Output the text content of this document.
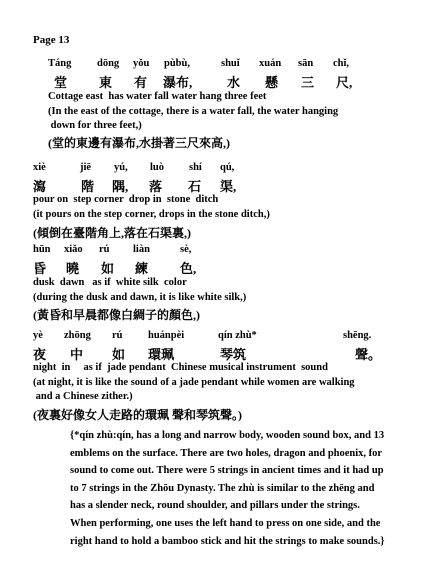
Page 13
Táng dōng yǒu pùbù,	shuǐ xuán sān chǐ,
堂 東 有 瀑布,	水 懸 三 尺,
Cottage east  has water fall water hang three feet
(In the east of the cottage, there is a water fall, the water hanging
down for three feet,)
(堂的東邊有瀑布,水掛著三尺來高,)
xiè	jiē yú, luò shí qú,
瀉	階 隅, 落 石 渠,
pour on  step corner  drop in  stone  ditch
(it pours on the step corner, drops in the stone ditch,)
(傾倒在臺階角上,落在石渠裏,)
hūn xiǎo rú liàn	sè,
昏 曉 如 練 色,
dusk  dawn   as if  white silk  color
(during the dusk and dawn, it is like white silk,)
(黃昏和早晨都像白綢子的顏色,)
yè zhōng rú huánpèi	qín zhù*	shēng.
夜 中 如 環珮	琴筑	聲。
night  in     as if  jade pendant  Chinese musical instrument  sound
(at night, it is like the sound of a jade pendant while women are walking
and a Chinese zither.)
(夜裏好像女人走路的環珮 聲和琴筑聲。)
{*qín zhù:qín, has a long and narrow body, wooden sound box, and 13 emblems on the surface. There are two holes, dragon and phoenix, for sound to come out. There were 5 strings in ancient times and it had up to 7 strings in the Zhōu Dynasty. The zhù is similar to the zhēng and has a slender neck, round shoulder, and pillars under the strings. When performing, one uses the left hand to press on one side, and the right hand to hold a bamboo stick and hit the strings to make sounds.}
